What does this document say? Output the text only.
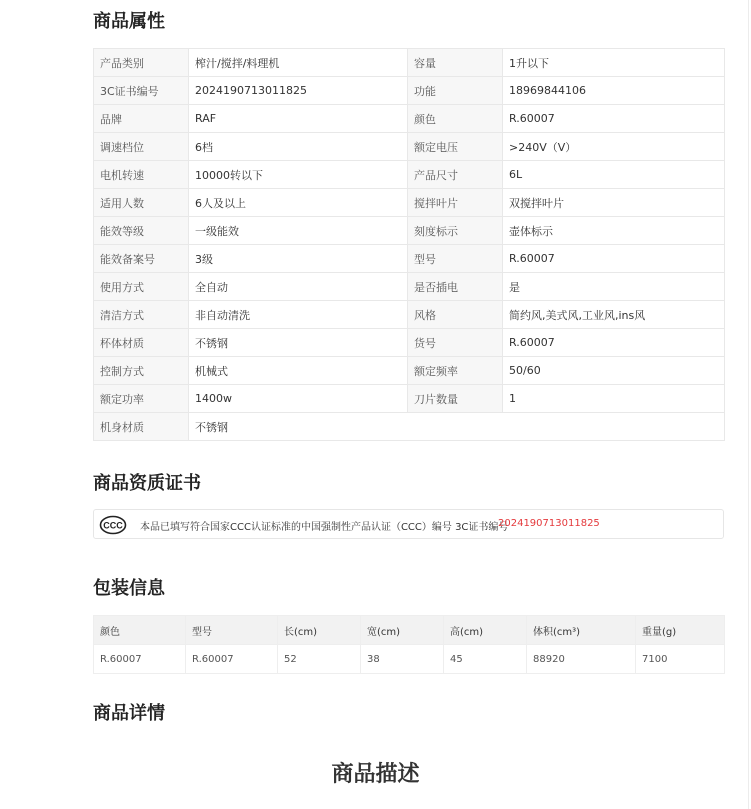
商品属性
产品类别	榨汁/搅拌/料理机	容量	1升以下
3C证书编号	2024190713011825	功能	18969844106
品牌	RAF	颜色	R.60007
调速档位	6档	额定电压	>240V（V）
电机转速	10000转以下	产品尺寸	6L
适用人数	6人及以上	搅拌叶片	双搅拌叶片
能效等级	一级能效	刻度标示	壶体标示
能效备案号	3级	型号	R.60007
使用方式	全自动	是否插电	是
清洁方式	非自动清洗	风格	简约风,美式风,工业风,ins风
杯体材质	不锈钢	货号	R.60007
控制方式	机械式	额定频率	50/60
额定功率	1400w	刀片数量	1
机身材质	不锈钢		
商品资质证书
CCC 本品已填写符合国家CCC认证标准的中国强制性产品认证（CCC）编号 3C证书编号
2024190713011825
包装信息
颜色	型号	长(cm)	宽(cm)	高(cm)	体积(cm³)	重量(g)
R.60007	R.60007	52	38	45	88920	7100
商品详情
商品描述
